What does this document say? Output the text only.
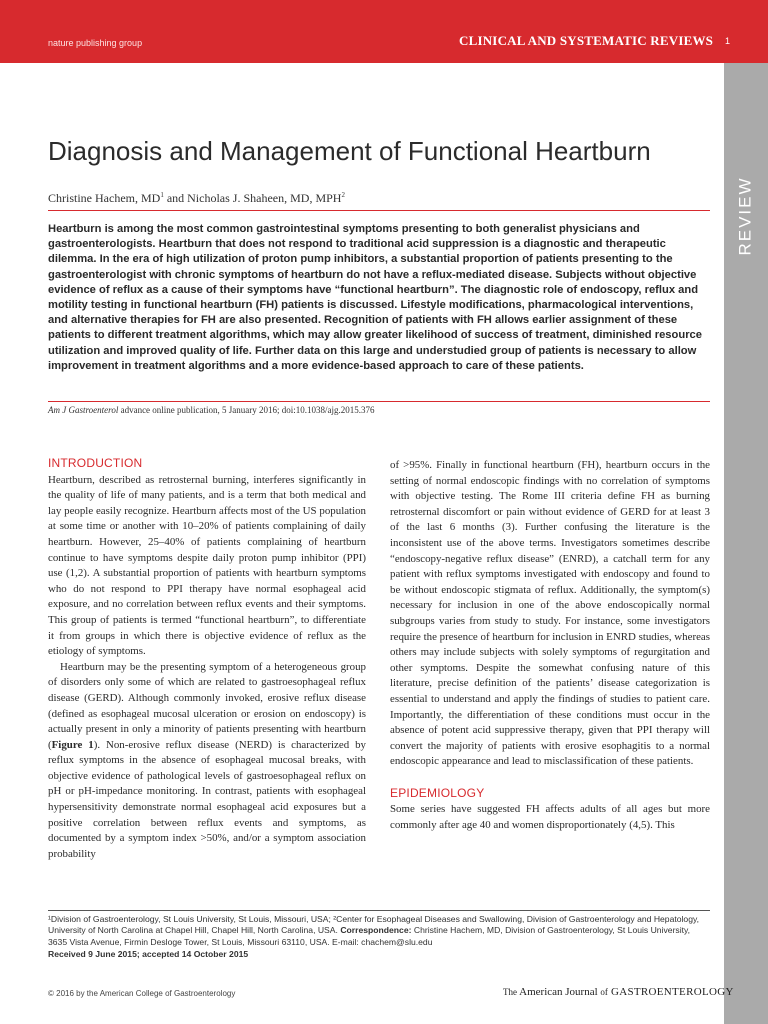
nature publishing group	CLINICAL AND SYSTEMATIC REVIEWS 1
REVIEW
Diagnosis and Management of Functional Heartburn
Christine Hachem, $MD^1$ and Nicholas J. Shaheen, MD, MPH$^2$
Heartburn is among the most common gastrointestinal symptoms presenting to both generalist physicians and gastroenterologists. Heartburn that does not respond to traditional acid suppression is a diagnostic and therapeutic dilemma. In the era of high utilization of proton pump inhibitors, a substantial proportion of patients presenting to the gastroenterologist with chronic symptoms of heartburn do not have a reflux-mediated disease. Subjects without objective evidence of reflux as a cause of their symptoms have “functional heartburn”. The diagnostic role of endoscopy, reflux and motility testing in functional heartburn (FH) patients is discussed. Lifestyle modifications, pharmacological interventions, and alternative therapies for FH are also presented. Recognition of patients with FH allows earlier assignment of these patients to different treatment algorithms, which may allow greater likelihood of success of treatment, diminished resource utilization and improved quality of life. Further data on this large and understudied group of patients is necessary to allow improvement in treatment algorithms and a more evidence-based approach to care of these patients.
Am J Gastroenterol advance online publication, 5 January 2016; doi:10.1038/ajg.2015.376
INTRODUCTION

Heartburn, described as retrosternal burning, interferes significantly in the quality of life of many patients, and is a term that both medical and lay people easily recognize. Heartburn affects most of the US population at some time or another with 10–20% of patients complaining of daily heartburn. However, 25–40% of patients complaining of heartburn continue to have symptoms despite daily proton pump inhibitor (PPI) use (1,2). A substantial proportion of patients with heartburn symptoms who do not respond to PPI therapy have normal esophageal acid exposure, and no correlation between reflux events and their symptoms. This group of patients is termed “functional heartburn”, to differentiate it from groups in which there is objective evidence of reflux as the etiology of symptoms.

Heartburn may be the presenting symptom of a heterogeneous group of disorders only some of which are related to gastroesophageal reflux disease (GERD). Although commonly invoked, erosive reflux disease (defined as esophageal mucosal ulceration or erosion on endoscopy) is actually present in only a minority of patients presenting with heartburn (Figure 1). Non-erosive reflux disease (NERD) is characterized by reflux symptoms in the absence of esophageal mucosal breaks, with objective evidence of pathological levels of gastroesophageal reflux on pH or pH-impedance monitoring. In contrast, patients with esophageal hypersensitivity demonstrate normal esophageal acid exposures but a positive correlation between reflux events and symptoms, as documented by a symptom index >50%, and/or a symptom association probability

of >95%. Finally in functional heartburn (FH), heartburn occurs in the setting of normal endoscopic findings with no correlation of symptoms with objective testing. The Rome III criteria define FH as burning retrosternal discomfort or pain without evidence of GERD for at least 3 of the last 6 months (3). Further confusing the literature is the inconsistent use of the above terms. Investigators sometimes describe “endoscopy-negative reflux disease” (ENRD), a catchall term for any patient with reflux symptoms investigated with endoscopy and found to be without endoscopic stigmata of reflux. Additionally, the symptom(s) necessary for inclusion in one of the above endoscopically normal subgroups varies from study to study. For instance, some investigators require the presence of heartburn for inclusion in ENRD studies, whereas others may include subjects with solely symptoms of regurgitation and other symptoms. Despite the somewhat confusing nature of this literature, precise definition of the patients’ disease categorization is essential to understand and apply the findings of studies to patient care. Importantly, the differentiation of these conditions must occur in the absence of potent acid suppressive therapy, given that PPI therapy will convert the majority of patients with erosive esophagitis to a normal endoscopic appearance and lead to misclassification of these patients.

EPIDEMIOLOGY

Some series have suggested FH affects adults of all ages but more commonly after age 40 and women disproportionately (4,5). This

¹Division of Gastroenterology, St Louis University, St Louis, Missouri, USA; ²Center for Esophageal Diseases and Swallowing, Division of Gastroenterology and Hepatology, University of North Carolina at Chapel Hill, Chapel Hill, North Carolina, USA. Correspondence: Christine Hachem, MD, Division of Gastroenterology, St Louis University, 3635 Vista Avenue, Firmin Desloge Tower, St Louis, Missouri 63110, USA. E-mail: chachem@slu.edu
Received 9 June 2015; accepted 14 October 2015
© 2016 by the American College of Gastroenterology	The American Journal of GASTROENTEROLOGY
